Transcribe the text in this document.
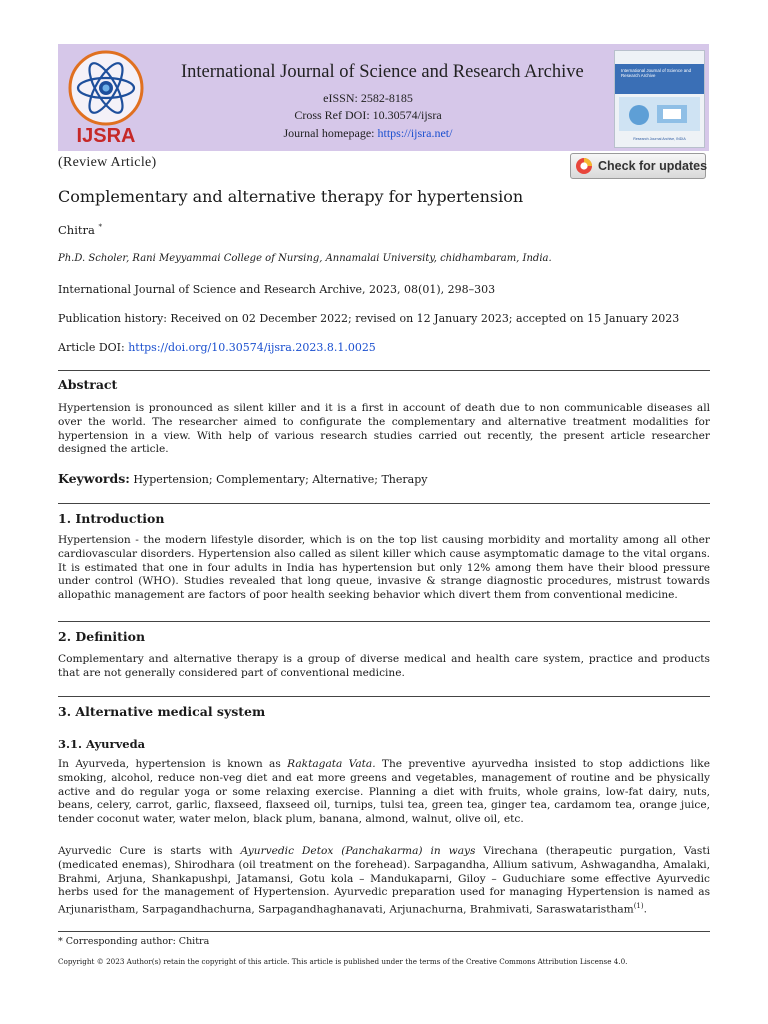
IJSRA
International Journal of Science and Research Archive
eISSN: 2582-8185
Cross Ref DOI: 10.30574/ijsra
Journal homepage: https://ijsra.net/
International Journal of Science and Research Archive
Research Journal Archive, INDIA
(Review Article)	Check for updates
Complementary and alternative therapy for hypertension
Chitra *
Ph.D. Scholer, Rani Meyyammai College of Nursing, Annamalai University, chidhambaram, India.
International Journal of Science and Research Archive, 2023, 08(01), 298–303
Publication history: Received on 02 December 2022; revised on 12 January 2023; accepted on 15 January 2023
Article DOI: https://doi.org/10.30574/ijsra.2023.8.1.0025
Abstract

Hypertension is pronounced as silent killer and it is a first in account of death due to non communicable diseases all over the world. The researcher aimed to configurate the complementary and alternative treatment modalities for hypertension in a view. With help of various research studies carried out recently, the present article researcher designed the article.

Keywords: Hypertension; Complementary; Alternative; Therapy
1. Introduction

Hypertension - the modern lifestyle disorder, which is on the top list causing morbidity and mortality among all other cardiovascular disorders. Hypertension also called as silent killer which cause asymptomatic damage to the vital organs. It is estimated that one in four adults in India has hypertension but only 12% among them have their blood pressure under control (WHO). Studies revealed that long queue, invasive & strange diagnostic procedures, mistrust towards allopathic management are factors of poor health seeking behavior which divert them from conventional medicine.

2. Definition

Complementary and alternative therapy is a group of diverse medical and health care system, practice and products that are not generally considered part of conventional medicine.

3. Alternative medical system
3.1. Ayurveda

In Ayurveda, hypertension is known as Raktagata Vata. The preventive ayurvedha insisted to stop addictions like smoking, alcohol, reduce non-veg diet and eat more greens and vegetables, management of routine and be physically active and do regular yoga or some relaxing exercise. Planning a diet with fruits, whole grains, low-fat dairy, nuts, beans, celery, carrot, garlic, flaxseed, flaxseed oil, turnips, tulsi tea, green tea, ginger tea, cardamom tea, orange juice, tender coconut water, water melon, black plum, banana, almond, walnut, olive oil, etc.

Ayurvedic Cure is starts with Ayurvedic Detox (Panchakarma) in ways Virechana (therapeutic purgation, Vasti (medicated enemas), Shirodhara (oil treatment on the forehead). Sarpagandha, Allium sativum, Ashwagandha, Amalaki, Brahmi, Arjuna, Shankapushpi, Jatamansi, Gotu kola – Mandukaparni, Giloy – Guduchiare some effective Ayurvedic herbs used for the management of Hypertension. Ayurvedic preparation used for managing Hypertension is named as Arjunaristham, Sarpagandhachurna, Sarpagandhaghanavati, Arjunachurna, Brahmivati, Saraswataristham$^{(1)}$.

* Corresponding author: Chitra
Copyright © 2023 Author(s) retain the copyright of this article. This article is published under the terms of the Creative Commons Attribution Liscense 4.0.
